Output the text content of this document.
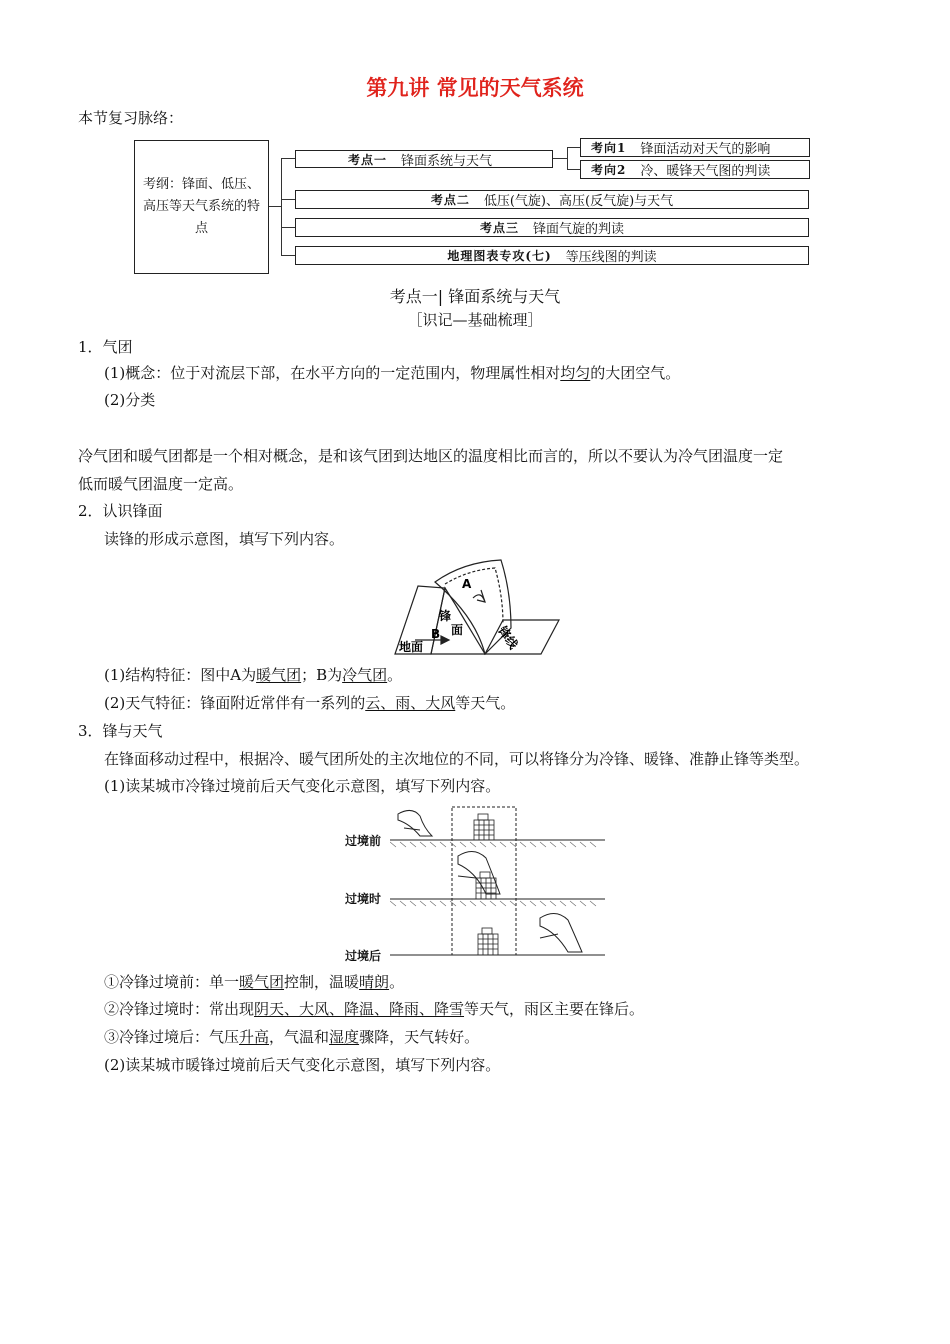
第九讲 常见的天气系统
本节复习脉络：
考纲：锋面、低压、高压等天气系统的特点
考点一 锋面系统与天气
考向1 锋面活动对天气的影响
考向2 冷、暖锋天气图的判读
考点二 低压(气旋)、高压(反气旋)与天气
考点三 锋面气旋的判读
地理图表专攻(七) 等压线图的判读
考点一| 锋面系统与天气
［识记—基础梳理］
1．气团
(1)概念：位于对流层下部，在水平方向的一定范围内，物理属性相对均匀的大团空气。
(2)分类
冷气团和暖气团都是一个相对概念，是和该气团到达地区的温度相比而言的，所以不要认为冷气团温度一定
低而暖气团温度一定高。
2．认识锋面
读锋的形成示意图，填写下列内容。
A
锋
面
B	锋线
地面
(1)结构特征：图中A为暖气团；B为冷气团。
(2)天气特征：锋面附近常伴有一系列的云、雨、大风等天气。
3．锋与天气
在锋面移动过程中，根据冷、暖气团所处的主次地位的不同，可以将锋分为冷锋、暖锋、准静止锋等类型。
(1)读某城市冷锋过境前后天气变化示意图，填写下列内容。
过境前
过境时
过境后
①冷锋过境前：单一暖气团控制，温暖晴朗。
②冷锋过境时：常出现阴天、大风、降温、降雨、降雪等天气，雨区主要在锋后。
③冷锋过境后：气压升高，气温和湿度骤降，天气转好。
(2)读某城市暖锋过境前后天气变化示意图，填写下列内容。
